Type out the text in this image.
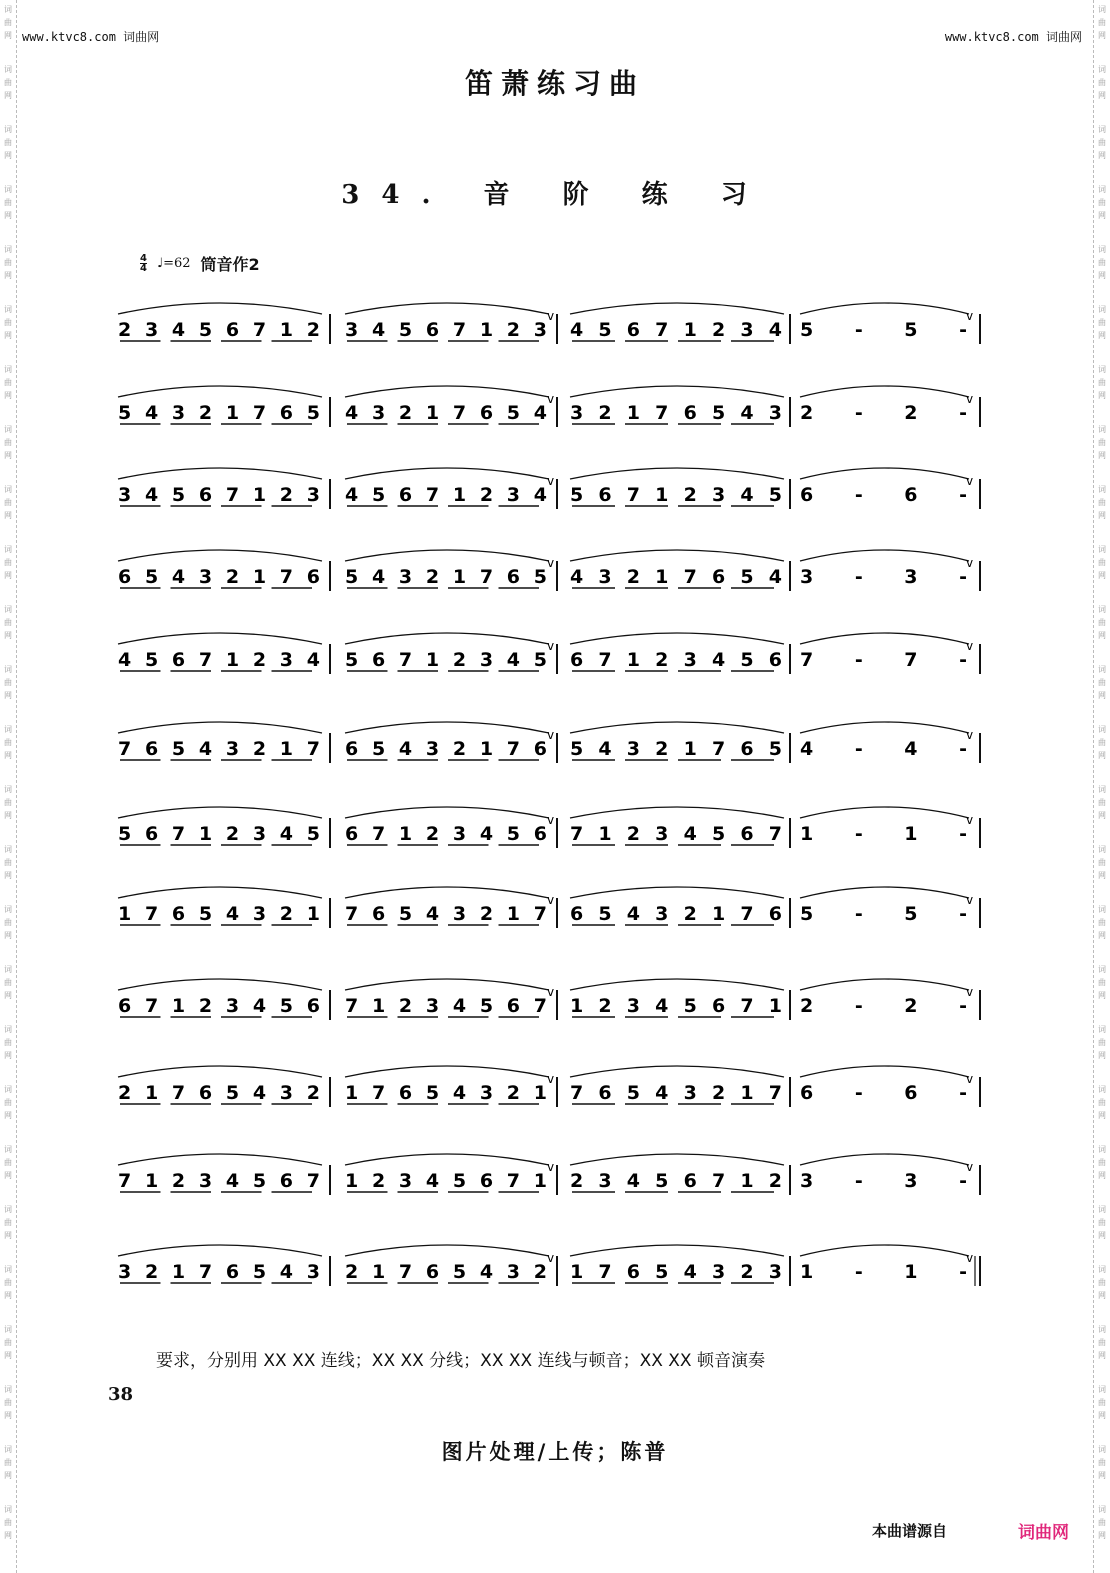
词
曲
网
词
曲
网
词
曲
网
词
曲
网
词
曲
网
词
曲
网
词
曲
网
词
曲
网
词
曲
网
词
曲
网
词
曲
网
词
曲
网
词
曲
网
词
曲
网
词
曲
网
词
曲
网
词
曲
网
词
曲
网
词
曲
网
词
曲
网
词
曲
网
词
曲
网
词
曲
网
词
曲
网
词
曲
网
词
曲
网
词
曲
网
词
曲
网
词
曲
网
词
曲
网
词
曲
网
词
曲
网
词
曲
网
词
曲
网
词
曲
网
词
曲
网
词
曲
网
词
曲
网
词
曲
网
词
曲
网
词
曲
网
词
曲
网
词
曲
网
词
曲
网
词
曲
网
词
曲
网
词
曲
网
词
曲
网
词
曲
网
词
曲
网
词
曲
网
词
曲
网
www.ktvc8.com 词曲网	www.ktvc8.com 词曲网
笛萧练习曲
34. 音 阶 练 习
4
4 ♩=62 筒音作2
2 3 4 5 6 7 1 2 3 4 5 6 7 1 2 3 4 5 6 7 1 2 3 4 5 - 5 -
v	v
5 4 3 2 1 7 6 5 4 3 2 1 7 6 5 4 3 2 1 7 6 5 4 3 2 - 2 -
v	v
3 4 5 6 7 1 2 3 4 5 6 7 1 2 3 4 5 6 7 1 2 3 4 5 6 - 6 -
v	v
6 5 4 3 2 1 7 6 5 4 3 2 1 7 6 5 4 3 2 1 7 6 5 4 3 - 3 -
v	v
4 5 6 7 1 2 3 4 5 6 7 1 2 3 4 5 6 7 1 2 3 4 5 6 7 - 7 -
v	v
7 6 5 4 3 2 1 7 6 5 4 3 2 1 7 6 5 4 3 2 1 7 6 5 4 - 4 -
v	v
5 6 7 1 2 3 4 5 6 7 1 2 3 4 5 6 7 1 2 3 4 5 6 7 1 - 1 -
v	v
1 7 6 5 4 3 2 1 7 6 5 4 3 2 1 7 6 5 4 3 2 1 7 6 5 - 5 -
v	v
6 7 1 2 3 4 5 6 7 1 2 3 4 5 6 7 1 2 3 4 5 6 7 1 2 - 2 -
v	v
2 1 7 6 5 4 3 2 1 7 6 5 4 3 2 1 7 6 5 4 3 2 1 7 6 - 6 -
v	v
7 1 2 3 4 5 6 7 1 2 3 4 5 6 7 1 2 3 4 5 6 7 1 2 3 - 3 -
v	v
3 2 1 7 6 5 4 3 2 1 7 6 5 4 3 2 1 7 6 5 4 3 2 3 1 - 1 -
v	v
要求，分别用 XX XX 连线；XX XX 分线；XX XX 连线与顿音；XX XX 顿音演奏
38
图片处理/上传；陈普
本曲谱源自	词曲网
